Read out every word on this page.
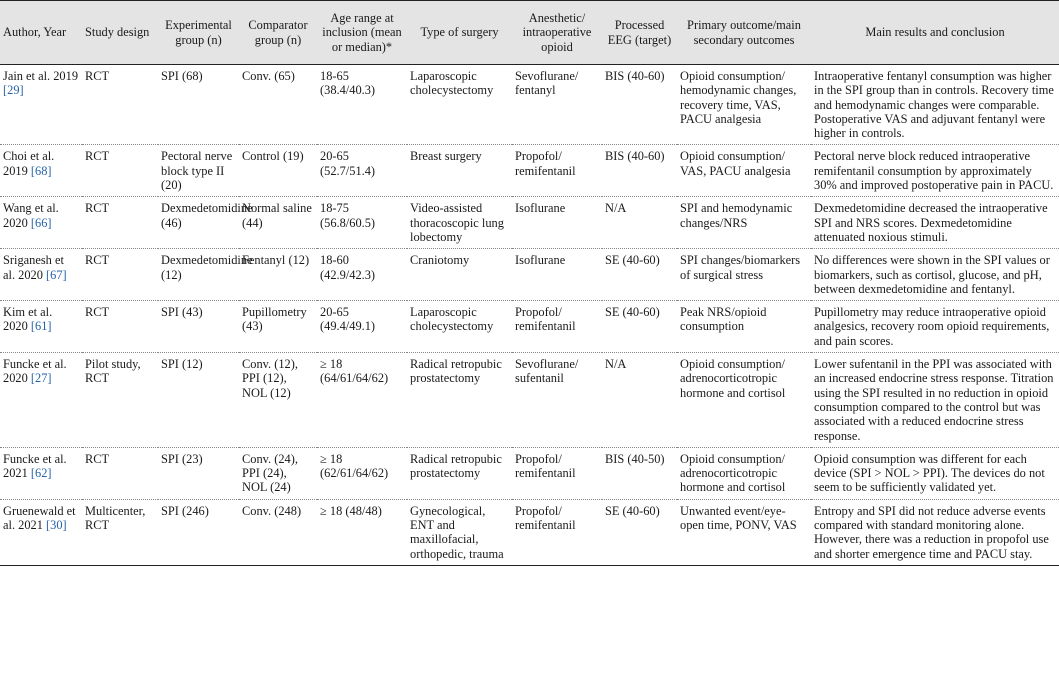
Author, Year	Study design	Experimental group (n)	Comparator group (n)	Age range at inclusion (mean or median)*	Type of surgery	Anesthetic/ intraoperative opioid	Processed EEG (target)	Primary outcome/main secondary outcomes	Main results and conclusion
Jain et al. 2019 [29]	RCT	SPI (68)	Conv. (65)	18-65 (38.4/40.3)	Laparoscopic cholecystectomy	Sevoflurane/ fentanyl	BIS (40-60)	Opioid consumption/ hemodynamic changes, recovery time, VAS, PACU analgesia	Intraoperative fentanyl consumption was higher in the SPI group than in controls. Recovery time and hemodynamic changes were comparable. Postoperative VAS and adjuvant fentanyl were higher in controls.
Choi et al. 2019 [68]	RCT	Pectoral nerve block type II (20)	Control (19)	20-65 (52.7/51.4)	Breast surgery	Propofol/ remifentanil	BIS (40-60)	Opioid consumption/ VAS, PACU analgesia	Pectoral nerve block reduced intraoperative remifentanil consumption by approximately 30% and improved postoperative pain in PACU.
Wang et al. 2020 [66]	RCT	Dexmedetomidine (46)	Normal saline (44)	18-75 (56.8/60.5)	Video-assisted thoracoscopic lung lobectomy	Isoflurane	N/A	SPI and hemodynamic changes/NRS	Dexmedetomidine decreased the intraoperative SPI and NRS scores. Dexmedetomidine attenuated noxious stimuli.
Sriganesh et al. 2020 [67]	RCT	Dexmedetomidine (12)	Fentanyl (12)	18-60 (42.9/42.3)	Craniotomy	Isoflurane	SE (40-60)	SPI changes/biomarkers of surgical stress	No differences were shown in the SPI values or biomarkers, such as cortisol, glucose, and pH, between dexmedetomidine and fentanyl.
Kim et al. 2020 [61]	RCT	SPI (43)	Pupillometry (43)	20-65 (49.4/49.1)	Laparoscopic cholecystectomy	Propofol/ remifentanil	SE (40-60)	Peak NRS/opioid consumption	Pupillometry may reduce intraoperative opioid analgesics, recovery room opioid requirements, and pain scores.
Funcke et al. 2020 [27]	Pilot study, RCT	SPI (12)	Conv. (12), PPI (12), NOL (12)	≥ 18 (64/61/64/62)	Radical retropubic prostatectomy	Sevoflurane/ sufentanil	N/A	Opioid consumption/ adrenocorticotropic hormone and cortisol	Lower sufentanil in the PPI was associated with an increased endocrine stress response. Titration using the SPI resulted in no reduction in opioid consumption compared to the control but was associated with a reduced endocrine stress response.
Funcke et al. 2021 [62]	RCT	SPI (23)	Conv. (24), PPI (24), NOL (24)	≥ 18 (62/61/64/62)	Radical retropubic prostatectomy	Propofol/ remifentanil	BIS (40-50)	Opioid consumption/ adrenocorticotropic hormone and cortisol	Opioid consumption was different for each device (SPI > NOL > PPI). The devices do not seem to be sufficiently validated yet.
Gruenewald et al. 2021 [30]	Multicenter, RCT	SPI (246)	Conv. (248)	≥ 18 (48/48)	Gynecological, ENT and maxillofacial, orthopedic, trauma	Propofol/ remifentanil	SE (40-60)	Unwanted event/eye-open time, PONV, VAS	Entropy and SPI did not reduce adverse events compared with standard monitoring alone. However, there was a reduction in propofol use and shorter emergence time and PACU stay.
